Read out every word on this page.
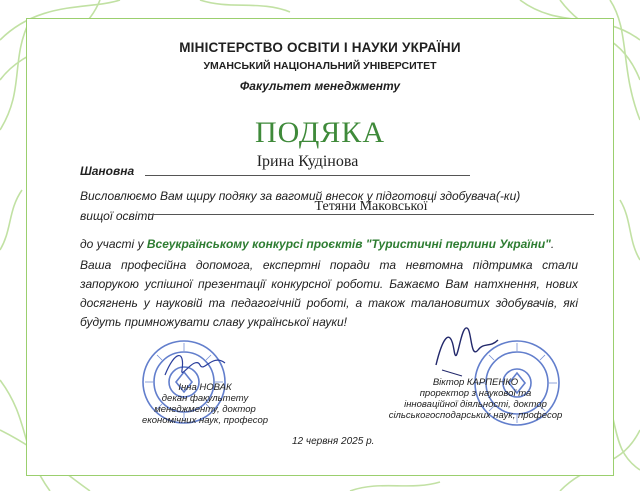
МІНІСТЕРСТВО ОСВІТИ І НАУКИ УКРАЇНИ
УМАНСЬКИЙ НАЦІОНАЛЬНИЙ УНІВЕРСИТЕТ
Факультет менеджменту
ПОДЯКА
Шановна
Ірина Кудінова
Висловлюємо Вам щиру подяку за вагомий внесок у підготовці здобувача(-ки)
вищої освіти
Тетяни Маковської
до участі у Всеукраїнському конкурсі проєктів "Туристичні перлини України".
Ваша професійна допомога, експертні поради та невтомна підтримка стали запорукою успішної презентації конкурсної роботи. Бажаємо Вам натхнення, нових досягнень у науковій та педагогічній роботі, а також талановитих здобувачів, які будуть примножувати славу української науки!
Інна НОВАК
декан факультету
менеджменту, доктор
економічних наук, професор
Віктор КАРПЕНКО
проректор з наукової та
інноваційної діяльності, доктор
сільськогосподарських наук, професор
12 червня 2025 р.
